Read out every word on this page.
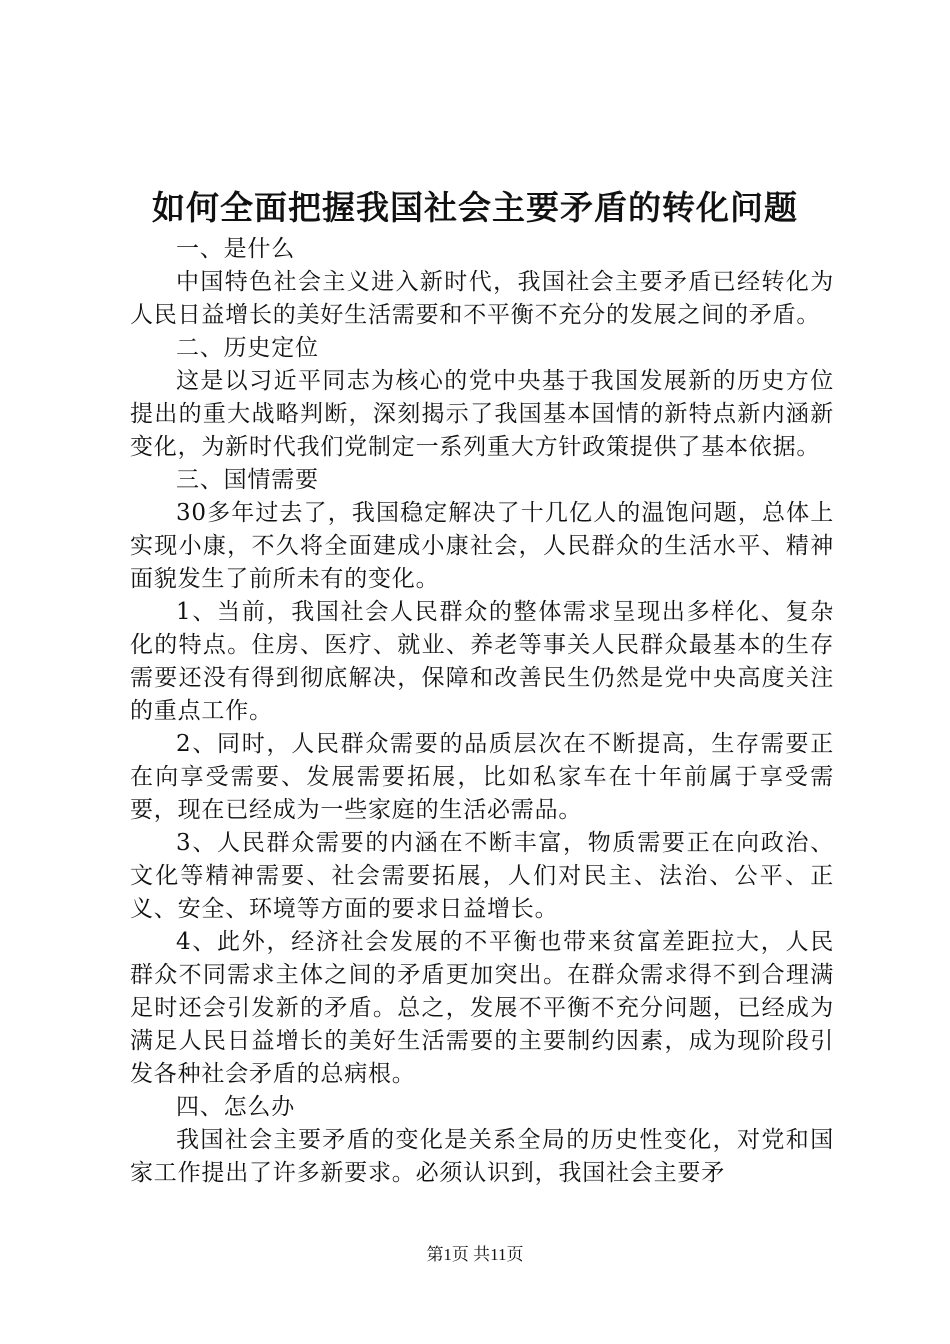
如何全面把握我国社会主要矛盾的转化问题

一、是什么

中国特色社会主义进入新时代，我国社会主要矛盾已经转化为人民日益增长的美好生活需要和不平衡不充分的发展之间的矛盾。

二、历史定位

这是以习近平同志为核心的党中央基于我国发展新的历史方位提出的重大战略判断，深刻揭示了我国基本国情的新特点新内涵新变化，为新时代我们党制定一系列重大方针政策提供了基本依据。

三、国情需要

30多年过去了，我国稳定解决了十几亿人的温饱问题，总体上实现小康，不久将全面建成小康社会，人民群众的生活水平、精神面貌发生了前所未有的变化。

1、当前，我国社会人民群众的整体需求呈现出多样化、复杂化的特点。住房、医疗、就业、养老等事关人民群众最基本的生存需要还没有得到彻底解决，保障和改善民生仍然是党中央高度关注的重点工作。

2、同时，人民群众需要的品质层次在不断提高，生存需要正在向享受需要、发展需要拓展，比如私家车在十年前属于享受需要，现在已经成为一些家庭的生活必需品。

3、人民群众需要的内涵在不断丰富，物质需要正在向政治、文化等精神需要、社会需要拓展，人们对民主、法治、公平、正义、安全、环境等方面的要求日益增长。

4、此外，经济社会发展的不平衡也带来贫富差距拉大，人民群众不同需求主体之间的矛盾更加突出。在群众需求得不到合理满足时还会引发新的矛盾。总之，发展不平衡不充分问题，已经成为满足人民日益增长的美好生活需要的主要制约因素，成为现阶段引发各种社会矛盾的总病根。

四、怎么办

我国社会主要矛盾的变化是关系全局的历史性变化，对党和国家工作提出了许多新要求。必须认识到，我国社会主要矛

第1页 共11页
